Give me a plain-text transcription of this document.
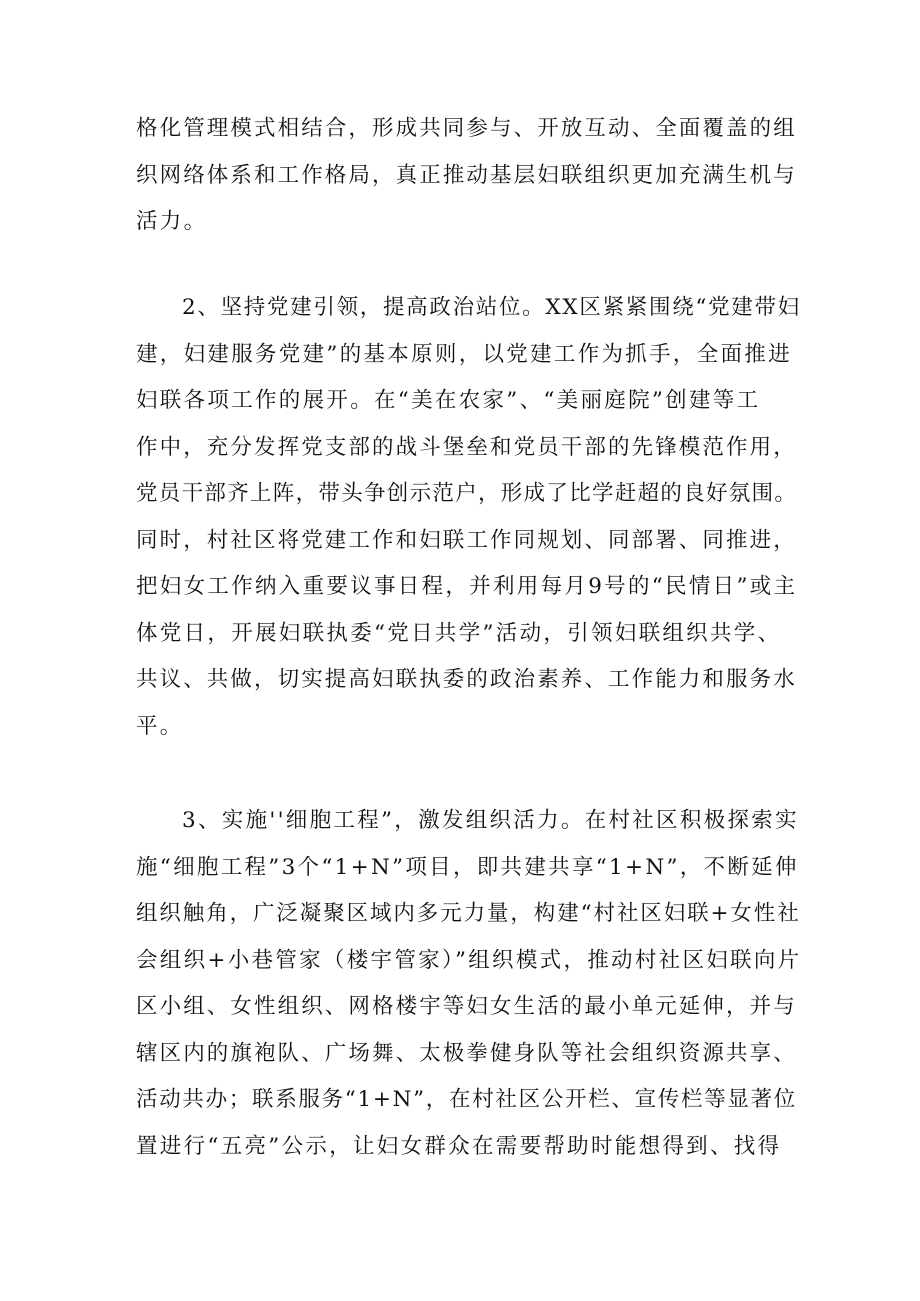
格化管理模式相结合，形成共同参与、开放互动、全面覆盖的组
织网络体系和工作格局，真正推动基层妇联组织更加充满生机与
活力。
2、坚持党建引领，提高政治站位。XX区紧紧围绕“党建带妇
建，妇建服务党建”的基本原则，以党建工作为抓手，全面推进
妇联各项工作的展开。在“美在农家”、“美丽庭院”创建等工
作中，充分发挥党支部的战斗堡垒和党员干部的先锋模范作用，
党员干部齐上阵，带头争创示范户，形成了比学赶超的良好氛围。
同时，村社区将党建工作和妇联工作同规划、同部署、同推进，
把妇女工作纳入重要议事日程，并利用每月9号的“民情日”或主
体党日，开展妇联执委“党日共学”活动，引领妇联组织共学、
共议、共做，切实提高妇联执委的政治素养、工作能力和服务水
平。
3、实施''细胞工程”，激发组织活力。在村社区积极探索实
施“细胞工程”3个“1+N”项目，即共建共享“1+N”，不断延伸
组织触角，广泛凝聚区域内多元力量，构建“村社区妇联+女性社
会组织+小巷管家（楼宇管家）”组织模式，推动村社区妇联向片
区小组、女性组织、网格楼宇等妇女生活的最小单元延伸，并与
辖区内的旗袍队、广场舞、太极拳健身队等社会组织资源共享、
活动共办；联系服务“1+N”，在村社区公开栏、宣传栏等显著位
置进行“五亮”公示，让妇女群众在需要帮助时能想得到、找得
